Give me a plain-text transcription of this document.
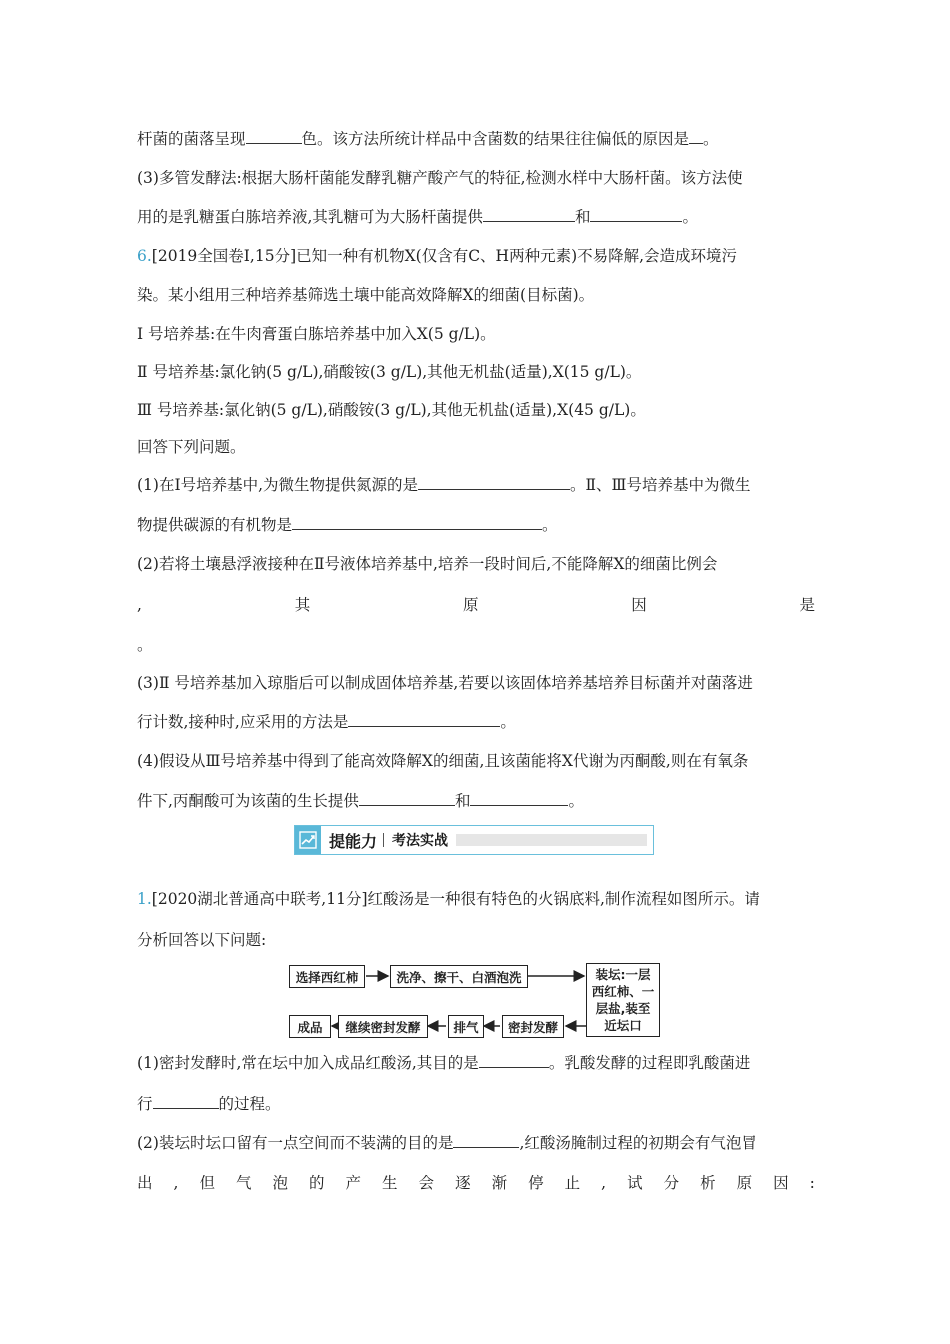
杆菌的菌落呈现	色。该方法所统计样品中含菌数的结果往往偏低的原因是 。
(3)多管发酵法:根据大肠杆菌能发酵乳糖产酸产气的特征,检测水样中大肠杆菌。该方法使
用的是乳糖蛋白胨培养液,其乳糖可为大肠杆菌提供	和	。
6.[2019全国卷Ⅰ,15分]已知一种有机物X(仅含有C、H两种元素)不易降解,会造成环境污
染。某小组用三种培养基筛选土壤中能高效降解X的细菌(目标菌)。
Ⅰ 号培养基:在牛肉膏蛋白胨培养基中加入X(5 g/L)。
Ⅱ 号培养基:氯化钠(5 g/L),硝酸铵(3 g/L),其他无机盐(适量),X(15 g/L)。
Ⅲ 号培养基:氯化钠(5 g/L),硝酸铵(3 g/L),其他无机盐(适量),X(45 g/L)。
回答下列问题。
(1)在Ⅰ号培养基中,为微生物提供氮源的是	。Ⅱ、Ⅲ号培养基中为微生
物提供碳源的有机物是	。
(2)若将土壤悬浮液接种在Ⅱ号液体培养基中,培养一段时间后,不能降解X的细菌比例会
,	其	原	因	是
。
(3)Ⅱ 号培养基加入琼脂后可以制成固体培养基,若要以该固体培养基培养目标菌并对菌落进
行计数,接种时,应采用的方法是	。
(4)假设从Ⅲ号培养基中得到了能高效降解X的细菌,且该菌能将X代谢为丙酮酸,则在有氧条
件下,丙酮酸可为该菌的生长提供	和	。
提能力	考法实战
1.[2020湖北普通高中联考,11分]红酸汤是一种很有特色的火锅底料,制作流程如图所示。请
分析回答以下问题:
选择西红柿	洗净、擦干、白酒泡洗	装坛:一层
西红柿、一
层盐,装至
近坛口
密封发酵
排气
继续密封发酵
成品
(1)密封发酵时,常在坛中加入成品红酸汤,其目的是	。乳酸发酵的过程即乳酸菌进
行	的过程。
(2)装坛时坛口留有一点空间而不装满的目的是	,红酸汤腌制过程的初期会有气泡冒
出 , 但 气 泡 的 产 生 会 逐 渐 停 止 , 试 分 析 原 因 :
